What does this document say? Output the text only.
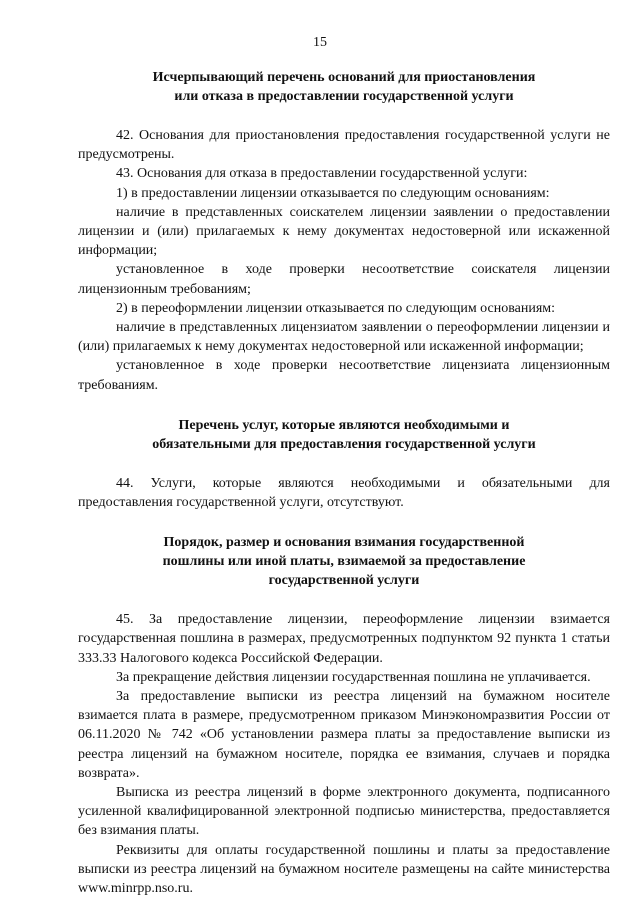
15
Исчерпывающий перечень оснований для приостановления
или отказа в предоставлении государственной услуги

42. Основания для приостановления предоставления государственной услуги не предусмотрены.

43. Основания для отказа в предоставлении государственной услуги:

1) в предоставлении лицензии отказывается по следующим основаниям:

наличие в представленных соискателем лицензии заявлении о предоставлении лицензии и (или) прилагаемых к нему документах недостоверной или искаженной информации;

установленное в ходе проверки несоответствие соискателя лицензии лицензионным требованиям;

2) в переоформлении лицензии отказывается по следующим основаниям:

наличие в представленных лицензиатом заявлении о переоформлении лицензии и (или) прилагаемых к нему документах недостоверной или искаженной информации;

установленное в ходе проверки несоответствие лицензиата лицензионным требованиям.

Перечень услуг, которые являются необходимыми и
обязательными для предоставления государственной услуги

44. Услуги, которые являются необходимыми и обязательными для предоставления государственной услуги, отсутствуют.

Порядок, размер и основания взимания государственной
пошлины или иной платы, взимаемой за предоставление
государственной услуги

45. За предоставление лицензии, переоформление лицензии взимается государственная пошлина в размерах, предусмотренных подпунктом 92 пункта 1 статьи 333.33 Налогового кодекса Российской Федерации.

За прекращение действия лицензии государственная пошлина не уплачивается.

За предоставление выписки из реестра лицензий на бумажном носителе взимается плата в размере, предусмотренном приказом Минэкономразвития России от 06.11.2020 № 742 «Об установлении размера платы за предоставление выписки из реестра лицензий на бумажном носителе, порядка ее взимания, случаев и порядка возврата».

Выписка из реестра лицензий в форме электронного документа, подписанного усиленной квалифицированной электронной подписью министерства, предоставляется без взимания платы.

Реквизиты для оплаты государственной пошлины и платы за предоставление выписки из реестра лицензий на бумажном носителе размещены на сайте министерства www.minrpp.nso.ru.
